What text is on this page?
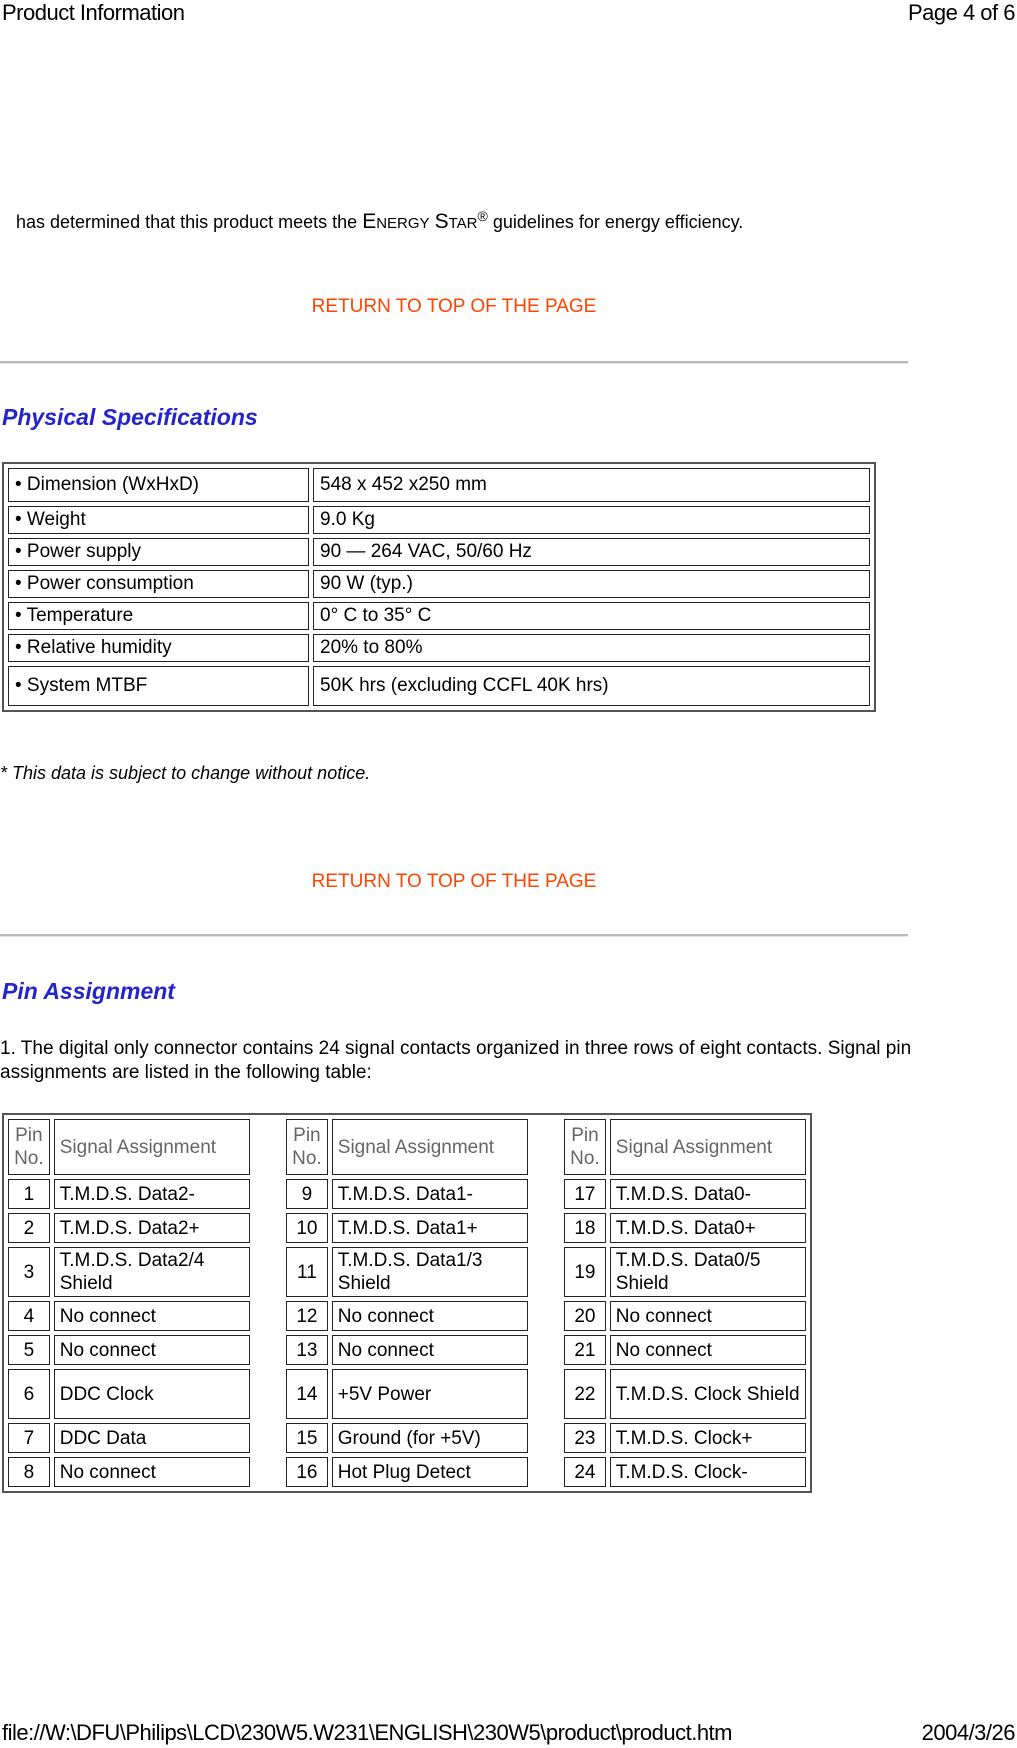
Product Information	Page 4 of 6
has determined that this product meets the ENERGY STAR® guidelines for energy efficiency.
RETURN TO TOP OF THE PAGE
Physical Specifications
• Dimension (WxHxD)	548 x 452 x250 mm
• Weight	9.0 Kg
• Power supply	90 — 264 VAC, 50/60 Hz
• Power consumption	90 W (typ.)
• Temperature	0° C to 35° C
• Relative humidity	20% to 80%
• System MTBF	50K hrs (excluding CCFL 40K hrs)
* This data is subject to change without notice.
RETURN TO TOP OF THE PAGE
Pin Assignment
1. The digital only connector contains 24 signal contacts organized in three rows of eight contacts. Signal pin assignments are listed in the following table:
Pin No.	Signal Assignment		Pin No.	Signal Assignment		Pin No.	Signal Assignment
1	T.M.D.S. Data2-		9	T.M.D.S. Data1-		17	T.M.D.S. Data0-
2	T.M.D.S. Data2+		10	T.M.D.S. Data1+		18	T.M.D.S. Data0+
3	T.M.D.S. Data2/4 Shield		11	T.M.D.S. Data1/3 Shield		19	T.M.D.S. Data0/5 Shield
4	No connect		12	No connect		20	No connect
5	No connect		13	No connect		21	No connect
6	DDC Clock		14	+5V Power		22	T.M.D.S. Clock Shield
7	DDC Data		15	Ground (for +5V)		23	T.M.D.S. Clock+
8	No connect		16	Hot Plug Detect		24	T.M.D.S. Clock-
file://W:\DFU\Philips\LCD\230W5.W231\ENGLISH\230W5\product\product.htm	2004/3/26
